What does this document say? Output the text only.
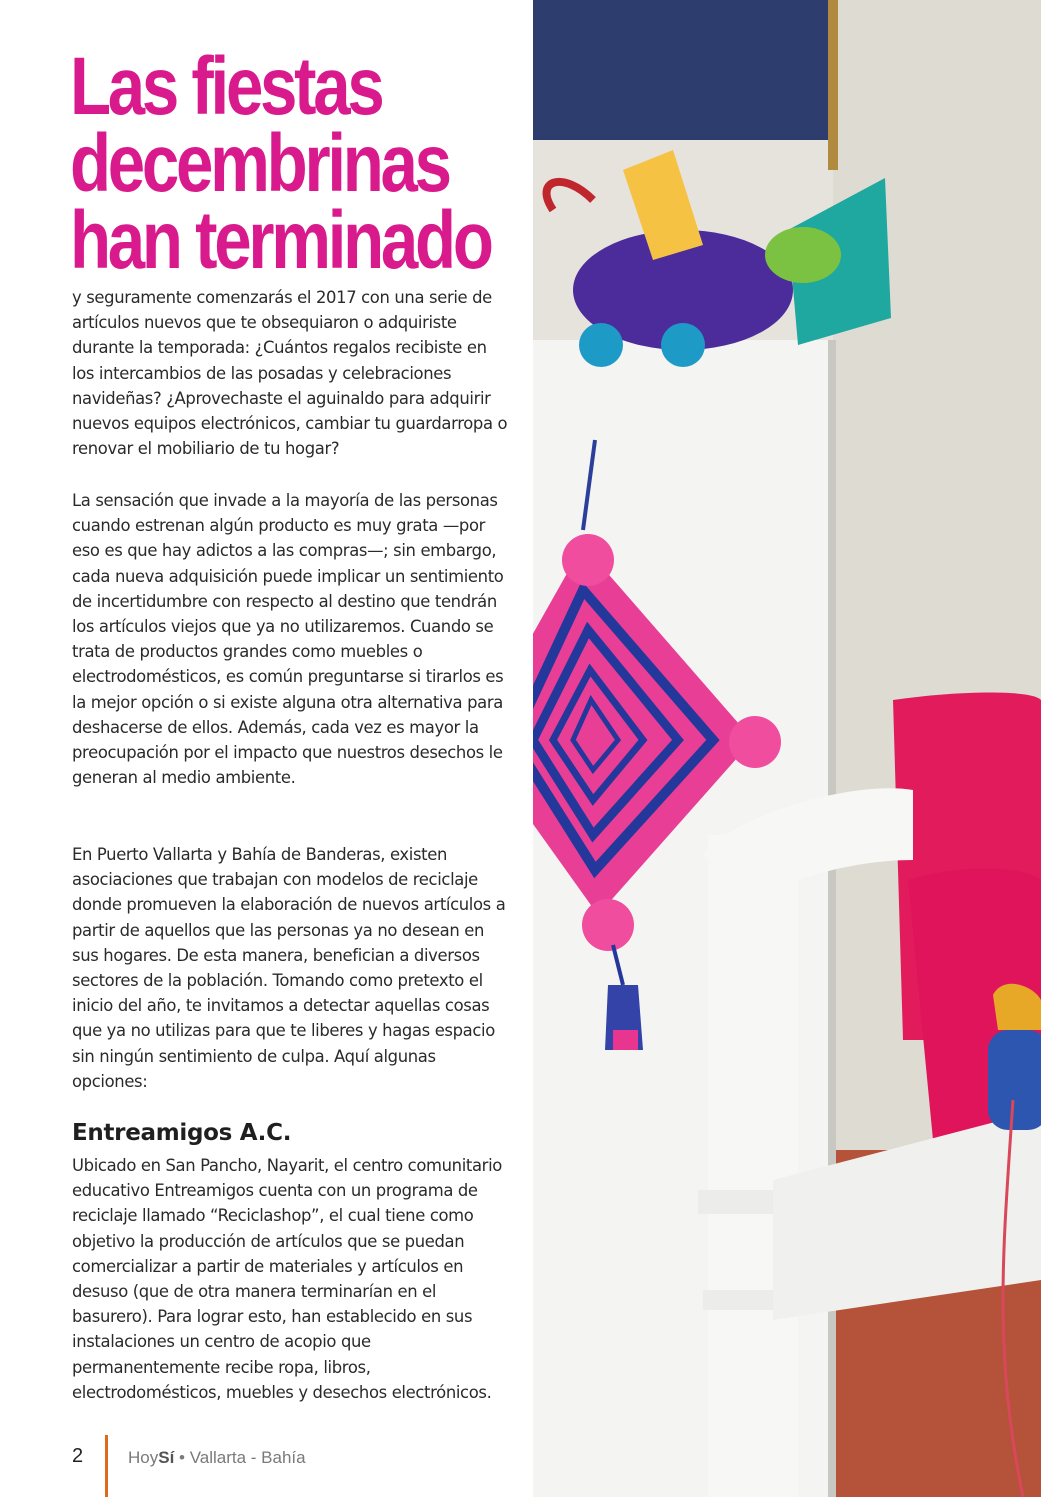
Las fiestas
decembrinas
han terminado

y seguramente comenzarás el 2017 con una serie de artículos nuevos que te obsequiaron o adquiriste durante la temporada: ¿Cuántos regalos recibiste en los intercambios de las posadas y celebraciones navideñas? ¿Aprovechaste el aguinaldo para adquirir nuevos equipos electrónicos, cambiar tu guardarropa o renovar el mobiliario de tu hogar?

La sensación que invade a la mayoría de las personas cuando estrenan algún producto es muy grata —por eso es que hay adictos a las compras—; sin embargo, cada nueva adquisición puede implicar un sentimiento de incertidumbre con respecto al destino que tendrán los artículos viejos que ya no utilizaremos. Cuando se trata de productos grandes como muebles o electrodomésticos, es común preguntarse si tirarlos es la mejor opción o si existe alguna otra alternativa para deshacerse de ellos. Además, cada vez es mayor la preocupación por el impacto que nuestros desechos le generan al medio ambiente.

En Puerto Vallarta y Bahía de Banderas, existen asociaciones que trabajan con modelos de reciclaje donde promueven la elaboración de nuevos artículos a partir de aquellos que las personas ya no desean en sus hogares. De esta manera, benefician a diversos sectores de la población. Tomando como pretexto el inicio del año, te invitamos a detectar aquellas cosas que ya no utilizas para que te liberes y hagas espacio sin ningún sentimiento de culpa. Aquí algunas opciones:

Entreamigos A.C.

Ubicado en San Pancho, Nayarit, el centro comunitario educativo Entreamigos cuenta con un programa de reciclaje llamado “Reciclashop”, el cual tiene como objetivo la producción de artículos que se puedan comercializar a partir de materiales y artículos en desuso (que de otra manera terminarían en el basurero). Para lograr esto, han establecido en sus instalaciones un centro de acopio que permanentemente recibe ropa, libros, electrodomésticos, muebles y desechos electrónicos.

2	HoySí • Vallarta - Bahía
